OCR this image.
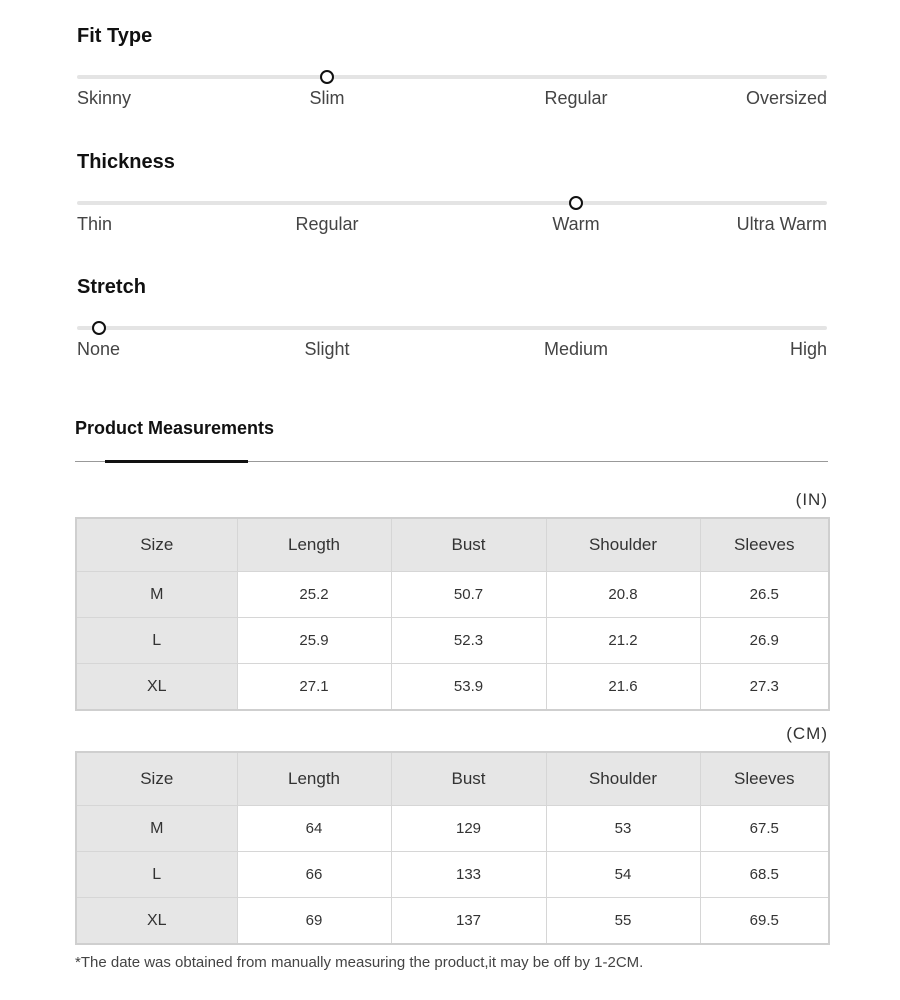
Fit Type
Skinny	Slim	Regular	Oversized
Thickness
Thin	Regular	Warm	Ultra Warm
Stretch
None	Slight	Medium	High
Product Measurements
(IN)
Size	Length	Bust	Shoulder	Sleeves
M	25.2	50.7	20.8	26.5
L	25.9	52.3	21.2	26.9
XL	27.1	53.9	21.6	27.3
(CM)
Size	Length	Bust	Shoulder	Sleeves
M	64	129	53	67.5
L	66	133	54	68.5
XL	69	137	55	69.5
*The date was obtained from manually measuring the product,it may be off by 1-2CM.
